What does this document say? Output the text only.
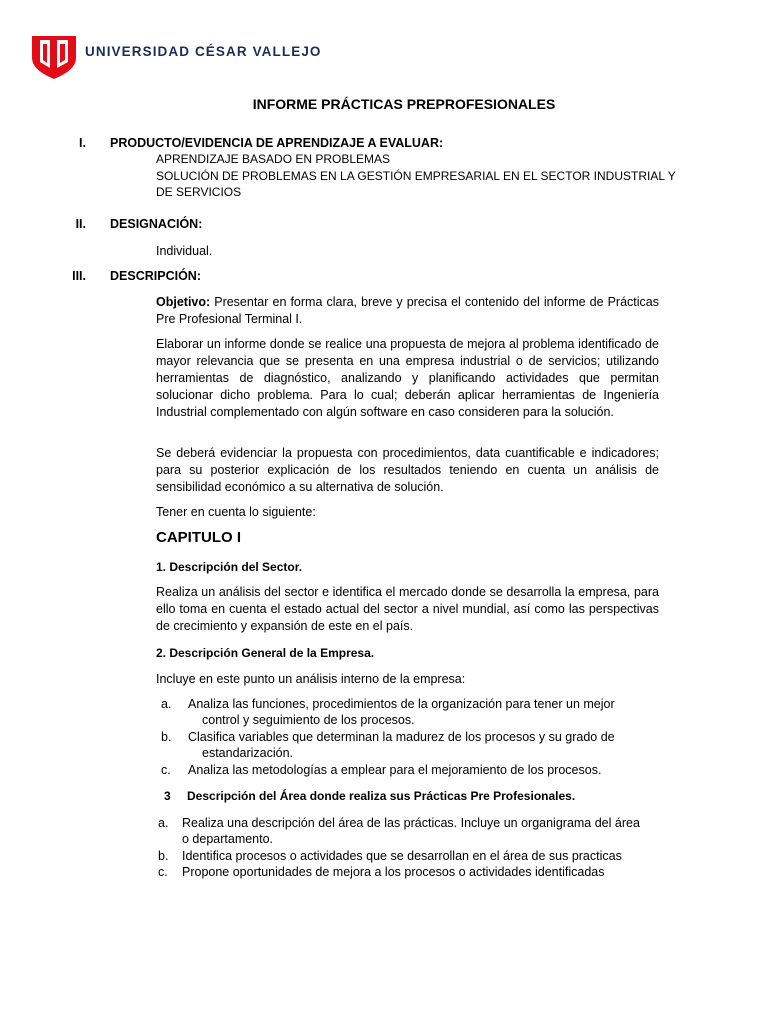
UNIVERSIDAD CÉSAR VALLEJO
INFORME PRÁCTICAS PREPROFESIONALES
I. PRODUCTO/EVIDENCIA DE APRENDIZAJE A EVALUAR:
APRENDIZAJE BASADO EN PROBLEMAS
SOLUCIÓN DE PROBLEMAS EN LA GESTIÓN EMPRESARIAL EN EL SECTOR INDUSTRIAL Y
DE SERVICIOS
II. DESIGNACIÓN:
Individual.
III. DESCRIPCIÓN:
Objetivo: Presentar en forma clara, breve y precisa el contenido del informe de Prácticas Pre Profesional Terminal I.
Elaborar un informe donde se realice una propuesta de mejora al problema identificado de mayor relevancia que se presenta en una empresa industrial o de servicios; utilizando herramientas de diagnóstico, analizando y planificando actividades que permitan solucionar dicho problema. Para lo cual; deberán aplicar herramientas de Ingeniería Industrial complementado con algún software en caso consideren para la solución.
Se deberá evidenciar la propuesta con procedimientos, data cuantificable e indicadores; para su posterior explicación de los resultados teniendo en cuenta un análisis de sensibilidad económico a su alternativa de solución.
Tener en cuenta lo siguiente:
CAPITULO I
1. Descripción del Sector.
Realiza un análisis del sector e identifica el mercado donde se desarrolla la empresa, para ello toma en cuenta el estado actual del sector a nivel mundial, así como las perspectivas de crecimiento y expansión de este en el país.
2. Descripción General de la Empresa.
Incluye en este punto un análisis interno de la empresa:
a. Analiza las funciones, procedimientos de la organización para tener un mejor
control y seguimiento de los procesos.
b. Clasifica variables que determinan la madurez de los procesos y su grado de
estandarización.
c. Analiza las metodologías a emplear para el mejoramiento de los procesos.
3 Descripción del Área donde realiza sus Prácticas Pre Profesionales.
a. Realiza una descripción del área de las prácticas. Incluye un organigrama del área
o departamento.
b. Identifica procesos o actividades que se desarrollan en el área de sus practicas
c. Propone oportunidades de mejora a los procesos o actividades identificadas
